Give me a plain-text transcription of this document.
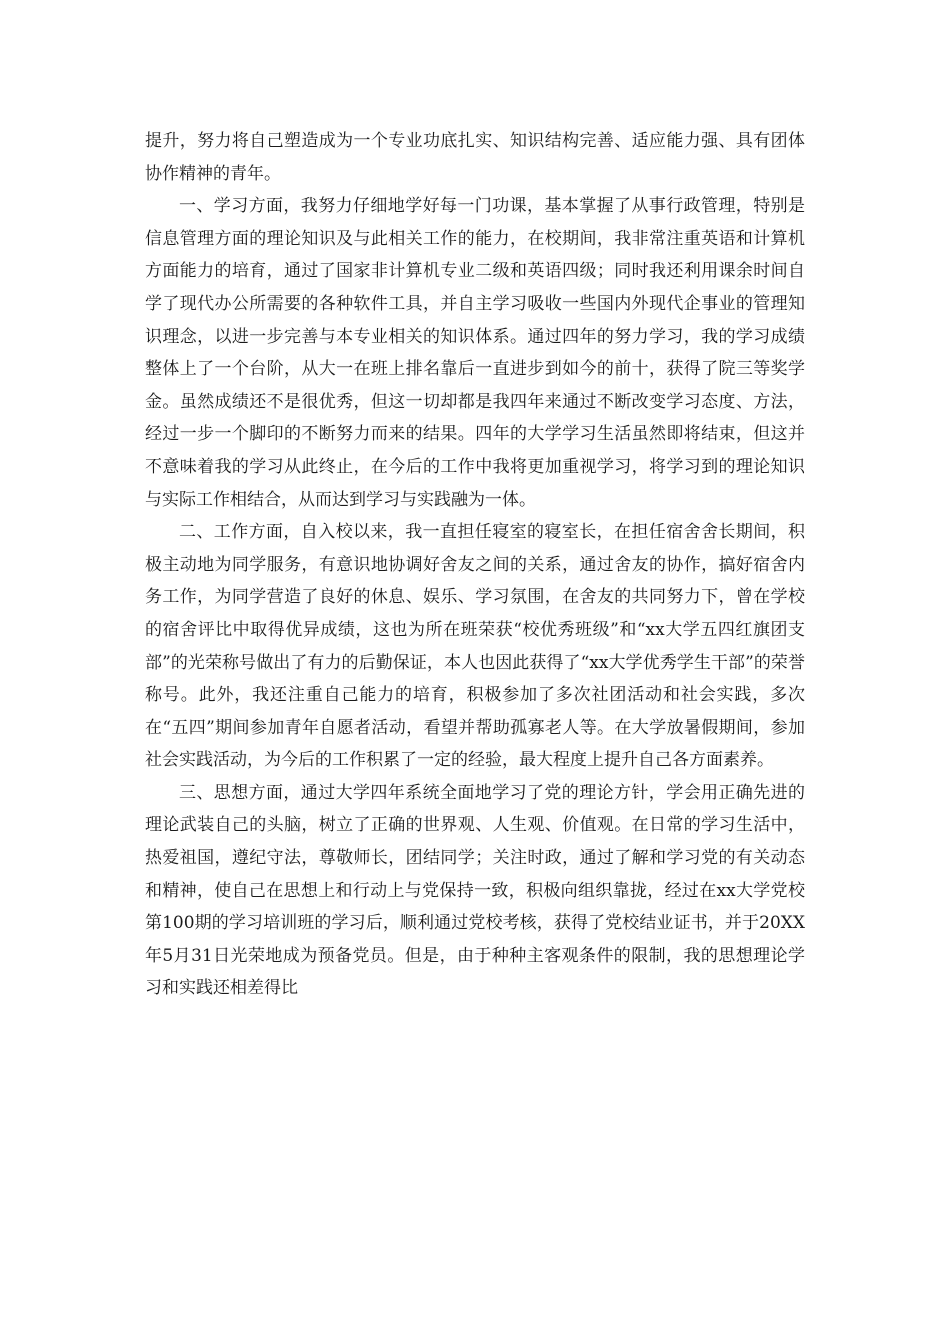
提升，努力将自己塑造成为一个专业功底扎实、知识结构完善、适应能力强、具有团体协作精神的青年。

一、学习方面，我努力仔细地学好每一门功课，基本掌握了从事行政管理，特别是信息管理方面的理论知识及与此相关工作的能力，在校期间，我非常注重英语和计算机方面能力的培育，通过了国家非计算机专业二级和英语四级；同时我还利用课余时间自学了现代办公所需要的各种软件工具，并自主学习吸收一些国内外现代企事业的管理知识理念，以进一步完善与本专业相关的知识体系。通过四年的努力学习，我的学习成绩整体上了一个台阶，从大一在班上排名靠后一直进步到如今的前十，获得了院三等奖学金。虽然成绩还不是很优秀，但这一切却都是我四年来通过不断改变学习态度、方法，经过一步一个脚印的不断努力而来的结果。四年的大学学习生活虽然即将结束，但这并不意味着我的学习从此终止，在今后的工作中我将更加重视学习，将学习到的理论知识与实际工作相结合，从而达到学习与实践融为一体。

二、工作方面，自入校以来，我一直担任寝室的寝室长，在担任宿舍舍长期间，积极主动地为同学服务，有意识地协调好舍友之间的关系，通过舍友的协作，搞好宿舍内务工作，为同学营造了良好的休息、娱乐、学习氛围，在舍友的共同努力下，曾在学校的宿舍评比中取得优异成绩，这也为所在班荣获“校优秀班级”和“xx大学五四红旗团支部”的光荣称号做出了有力的后勤保证，本人也因此获得了“xx大学优秀学生干部”的荣誉称号。此外，我还注重自己能力的培育，积极参加了多次社团活动和社会实践，多次在“五四”期间参加青年自愿者活动，看望并帮助孤寡老人等。在大学放暑假期间，参加社会实践活动，为今后的工作积累了一定的经验，最大程度上提升自己各方面素养。

三、思想方面，通过大学四年系统全面地学习了党的理论方针，学会用正确先进的理论武装自己的头脑，树立了正确的世界观、人生观、价值观。在日常的学习生活中，热爱祖国，遵纪守法，尊敬师长，团结同学；关注时政，通过了解和学习党的有关动态和精神，使自己在思想上和行动上与党保持一致，积极向组织靠拢，经过在xx大学党校第100期的学习培训班的学习后，顺利通过党校考核，获得了党校结业证书，并于20XX年5月31日光荣地成为预备党员。但是，由于种种主客观条件的限制，我的思想理论学习和实践还相差得比
